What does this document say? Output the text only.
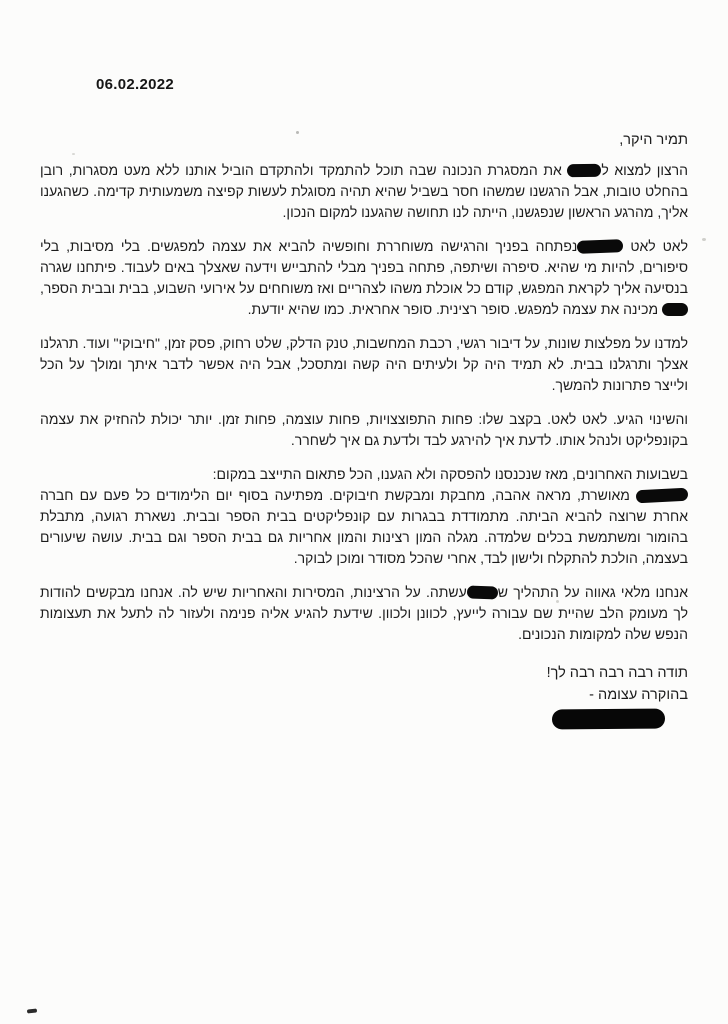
06.02.2022
תמיר היקר,

הרצון למצוא ל את המסגרת הנכונה שבה תוכל להתמקד ולהתקדם הוביל אותנו ללא מעט מסגרות, רובן בהחלט טובות, אבל הרגשנו שמשהו חסר בשביל שהיא תהיה מסוגלת לעשות קפיצה משמעותית קדימה. כשהגענו אליך, מהרגע הראשון שנפגשנו, הייתה לנו תחושה שהגענו למקום הנכון.

לאט לאט נפתחה בפניך והרגישה משוחררת וחופשיה להביא את עצמה למפגשים. בלי מסיבות, בלי סיפורים, להיות מי שהיא. סיפרה ושיתפה, פתחה בפניך מבלי להתבייש וידעה שאצלך באים לעבוד. פיתחנו שגרה בנסיעה אליך לקראת המפגש, קודם כל אוכלת משהו לצהריים ואז משוחחים על אירועי השבוע, בבית ובבית הספר,  מכינה את עצמה למפגש. סופר רצינית. סופר אחראית. כמו שהיא יודעת.

למדנו על מפלצות שונות, על דיבור רגשי, רכבת המחשבות, טנק הדלק, שלט רחוק, פסק זמן, "חיבוקי" ועוד. תרגלנו אצלך ותרגלנו בבית. לא תמיד היה קל ולעיתים היה קשה ומתסכל, אבל היה אפשר לדבר איתך ומולך על הכל ולייצר פתרונות להמשך.

והשינוי הגיע. לאט לאט. בקצב שלו: פחות התפוצצויות, פחות עוצמה, פחות זמן. יותר יכולת להחזיק את עצמה בקונפליקט ולנהל אותו. לדעת איך להירגע לבד ולדעת גם איך לשחרר.

בשבועות האחרונים, מאז שנכנסנו להפסקה ולא הגענו, הכל פתאום התייצב במקום:

מאושרת, מראה אהבה, מחבקת ומבקשת חיבוקים. מפתיעה בסוף יום הלימודים כל פעם עם חברה אחרת שרוצה להביא הביתה. מתמודדת בבגרות עם קונפליקטים בבית הספר ובבית. נשארת רגועה, מתבלת בהומור ומשתמשת בכלים שלמדה. מגלה המון רצינות והמון אחריות גם בבית הספר וגם בבית. עושה שיעורים בעצמה, הולכת להתקלח ולישון לבד, אחרי שהכל מסודר ומוכן לבוקר.

אנחנו מלאי גאווה על התהליך שעשתה. על הרצינות, המסירות והאחריות שיש לה. אנחנו מבקשים להודות לך מעומק הלב שהיית שם עבורה לייעץ, לכוונן ולכוון. שידעת להגיע אליה פנימה ולעזור לה לתעל את תעצומות הנפש שלה למקומות הנכונים.

תודה רבה רבה רבה לך!
בהוקרה עצומה -
